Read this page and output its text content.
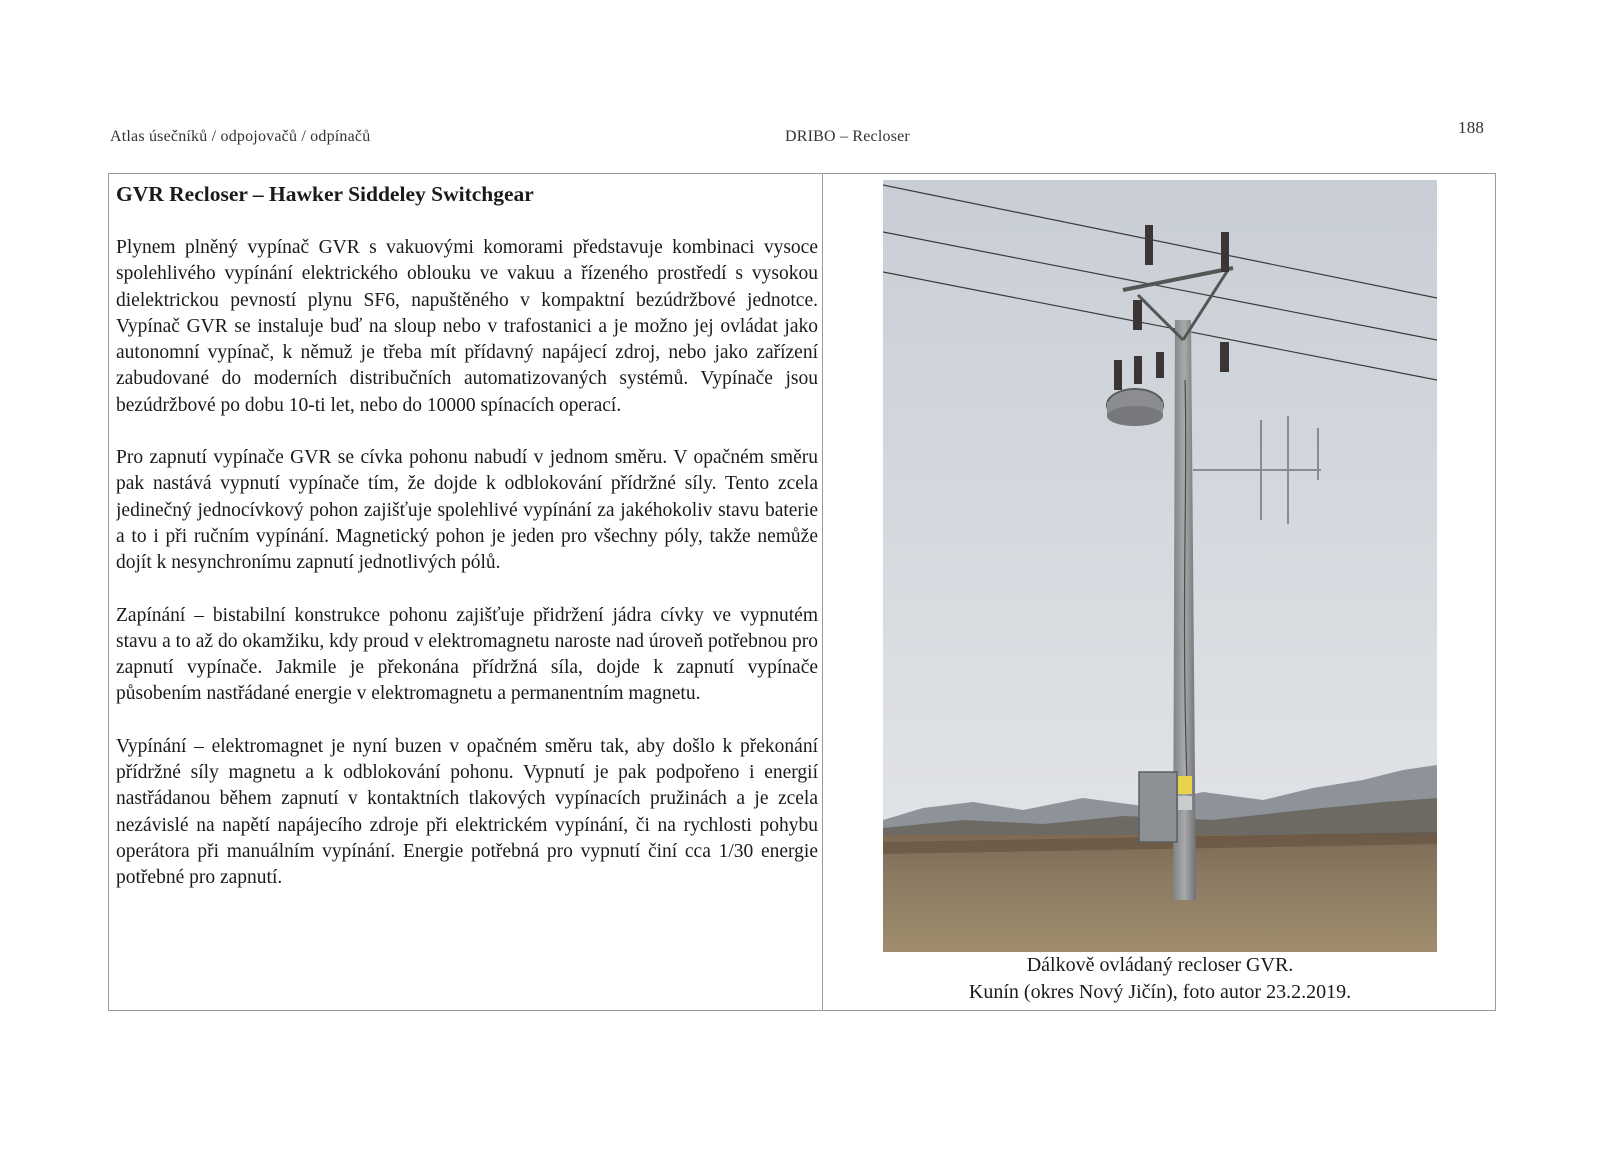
Atlas úsečníků / odpojovačů / odpínačů	DRIBO – Recloser	188
GVR Recloser – Hawker Siddeley Switchgear

Plynem plněný vypínač GVR s vakuovými komorami představuje kombinaci vysoce spolehlivého vypínání elektrického oblouku ve vakuu a řízeného prostředí s vysokou dielektrickou pevností plynu SF6, napuštěného v kompaktní bezúdržbové jednotce. Vypínač GVR se instaluje buď na sloup nebo v trafostanici a je možno jej ovládat jako autonomní vypínač, k němuž je třeba mít přídavný napájecí zdroj, nebo jako zařízení zabudované do moderních distribučních automatizovaných systémů. Vypínače jsou bezúdržbové po dobu 10-ti let, nebo do 10000 spínacích operací.

Pro zapnutí vypínače GVR se cívka pohonu nabudí v jednom směru. V opačném směru pak nastává vypnutí vypínače tím, že dojde k odblokování přídržné síly. Tento zcela jedinečný jednocívkový pohon zajišťuje spolehlivé vypínání za jakéhokoliv stavu baterie a to i při ručním vypínání. Magnetický pohon je jeden pro všechny póly, takže nemůže dojít k nesynchronímu zapnutí jednotlivých pólů.

Zapínání – bistabilní konstrukce pohonu zajišťuje přidržení jádra cívky ve vypnutém stavu a to až do okamžiku, kdy proud v elektromagnetu naroste nad úroveň potřebnou pro zapnutí vypínače. Jakmile je překonána přídržná síla, dojde k zapnutí vypínače působením nastřádané energie v elektromagnetu a permanentním magnetu.

Vypínání – elektromagnet je nyní buzen v opačném směru tak, aby došlo k překonání přídržné síly magnetu a k odblokování pohonu. Vypnutí je pak podpořeno i energií nastřádanou během zapnutí v kontaktních tlakových vypínacích pružinách a je zcela nezávislé na napětí napájecího zdroje při elektrickém vypínání, či na rychlosti pohybu operátora při manuálním vypínání. Energie potřebná pro vypnutí činí cca 1/30 energie potřebné pro zapnutí.

Dálkově ovládaný recloser GVR.
Kunín (okres Nový Jičín), foto autor 23.2.2019.
